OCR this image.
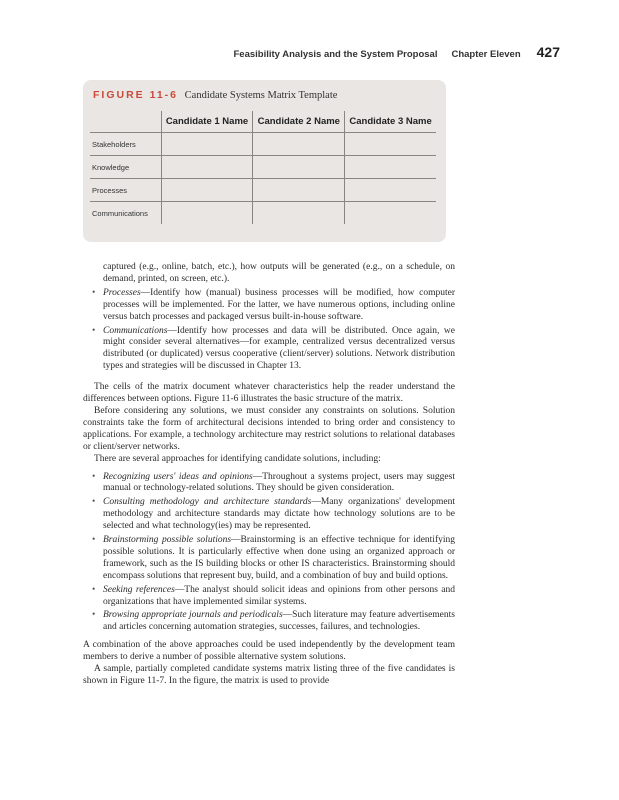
Feasibility Analysis and the System Proposal Chapter Eleven 427
FIGURE 11-6 Candidate Systems Matrix Template
	Candidate 1 Name	Candidate 2 Name	Candidate 3 Name
Stakeholders			
Knowledge			
Processes			
Communications			
captured (e.g., online, batch, etc.), how outputs will be generated (e.g., on a schedule, on demand, printed, on screen, etc.).
• Processes—Identify how (manual) business processes will be modified, how computer processes will be implemented. For the latter, we have numerous options, including online versus batch processes and packaged versus built-in-house software.
• Communications—Identify how processes and data will be distributed. Once again, we might consider several alternatives—for example, centralized versus decentralized versus distributed (or duplicated) versus cooperative (client/server) solutions. Network distribution types and strategies will be discussed in Chapter 13.

The cells of the matrix document whatever characteristics help the reader understand the differences between options. Figure 11-6 illustrates the basic structure of the matrix.

Before considering any solutions, we must consider any constraints on solutions. Solution constraints take the form of architectural decisions intended to bring order and consistency to applications. For example, a technology architecture may restrict solutions to relational databases or client/server networks.

There are several approaches for identifying candidate solutions, including:

• Recognizing users' ideas and opinions—Throughout a systems project, users may suggest manual or technology-related solutions. They should be given consideration.
• Consulting methodology and architecture standards—Many organizations' development methodology and architecture standards may dictate how technology solutions are to be selected and what technology(ies) may be represented.
• Brainstorming possible solutions—Brainstorming is an effective technique for identifying possible solutions. It is particularly effective when done using an organized approach or framework, such as the IS building blocks or other IS characteristics. Brainstorming should encompass solutions that represent buy, build, and a combination of buy and build options.
• Seeking references—The analyst should solicit ideas and opinions from other persons and organizations that have implemented similar systems.
• Browsing appropriate journals and periodicals—Such literature may feature advertisements and articles concerning automation strategies, successes, failures, and technologies.

A combination of the above approaches could be used independently by the development team members to derive a number of possible alternative system solutions.

A sample, partially completed candidate systems matrix listing three of the five candidates is shown in Figure 11-7. In the figure, the matrix is used to provide
